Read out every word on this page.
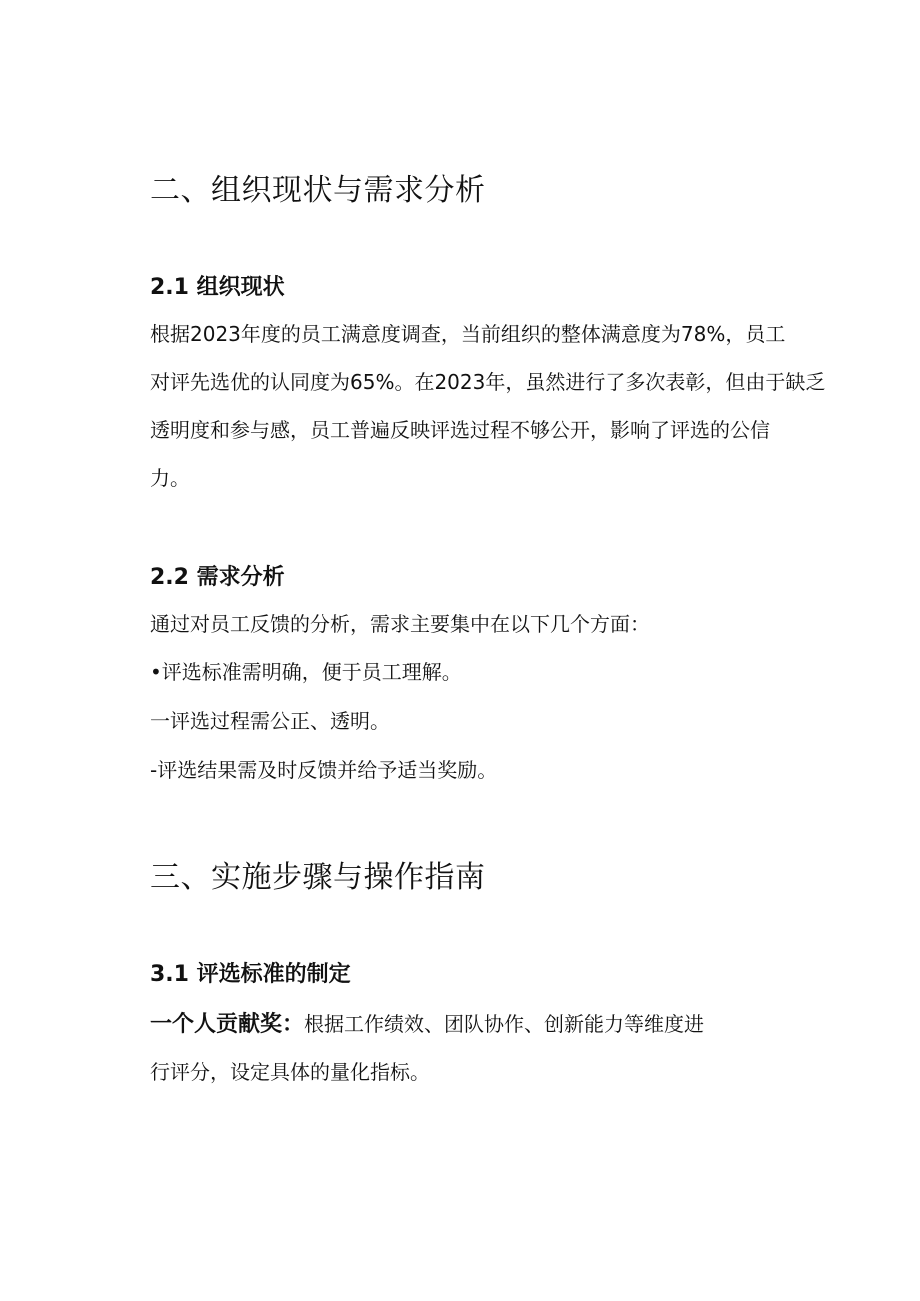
二、组织现状与需求分析
2.1 组织现状
根据2023年度的员工满意度调查，当前组织的整体满意度为78%，员工
对评先选优的认同度为65%。在2023年，虽然进行了多次表彰，但由于缺乏
透明度和参与感，员工普遍反映评选过程不够公开，影响了评选的公信
力。
2.2 需求分析
通过对员工反馈的分析，需求主要集中在以下几个方面：
•评选标准需明确，便于员工理解。
一评选过程需公正、透明。
-评选结果需及时反馈并给予适当奖励。
三、实施步骤与操作指南
3.1 评选标准的制定
一个人贡献奖：根据工作绩效、团队协作、创新能力等维度进
行评分，设定具体的量化指标。
